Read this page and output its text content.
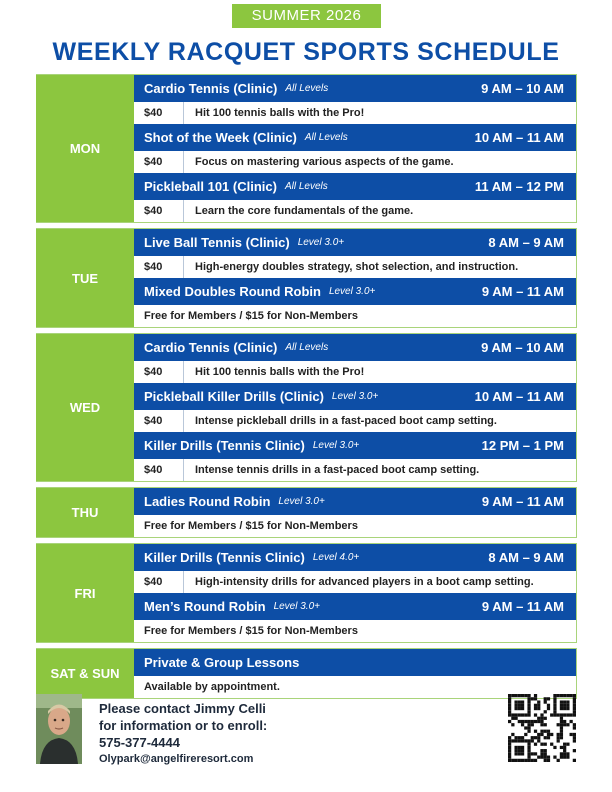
SUMMER 2026
WEEKLY RACQUET SPORTS SCHEDULE
MON
Cardio Tennis (Clinic) All Levels	9 AM – 10 AM
$40	Hit 100 tennis balls with the Pro!
Shot of the Week (Clinic) All Levels	10 AM – 11 AM
$40	Focus on mastering various aspects of the game.
Pickleball 101 (Clinic) All Levels	11 AM – 12 PM
$40	Learn the core fundamentals of the game.
TUE
Live Ball Tennis (Clinic) Level 3.0+	8 AM – 9 AM
$40	High-energy doubles strategy, shot selection, and instruction.
Mixed Doubles Round Robin Level 3.0+	9 AM – 11 AM
Free for Members / $15 for Non-Members
WED
Cardio Tennis (Clinic) All Levels	9 AM – 10 AM
$40	Hit 100 tennis balls with the Pro!
Pickleball Killer Drills (Clinic) Level 3.0+	10 AM – 11 AM
$40	Intense pickleball drills in a fast-paced boot camp setting.
Killer Drills (Tennis Clinic) Level 3.0+	12 PM – 1 PM
$40	Intense tennis drills in a fast-paced boot camp setting.
THU
Ladies Round Robin Level 3.0+	9 AM – 11 AM
Free for Members / $15 for Non-Members
FRI
Killer Drills (Tennis Clinic) Level 4.0+	8 AM – 9 AM
$40	High-intensity drills for advanced players in a boot camp setting.
Men’s Round Robin Level 3.0+	9 AM – 11 AM
Free for Members / $15 for Non-Members
SAT & SUN
Private & Group Lessons
Available by appointment.
Please contact Jimmy Celli
for information or to enroll:
575-377-4444
Olypark@angelfireresort.com
